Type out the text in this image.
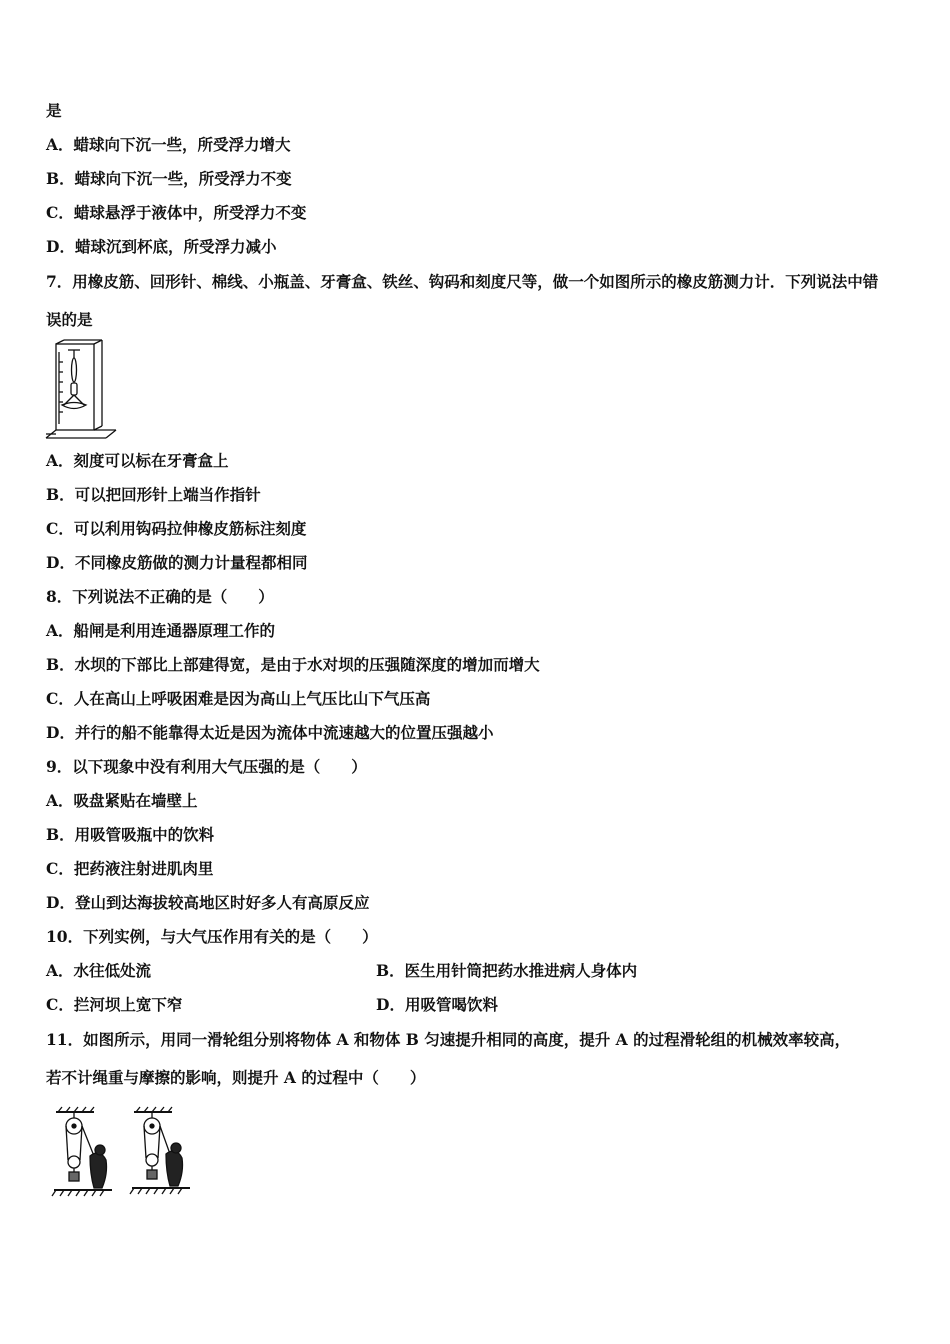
是
A．蜡球向下沉一些，所受浮力增大
B．蜡球向下沉一些，所受浮力不变
C．蜡球悬浮于液体中，所受浮力不变
D．蜡球沉到杯底，所受浮力减小
7．用橡皮筋、回形针、棉线、小瓶盖、牙膏盒、铁丝、钩码和刻度尺等，做一个如图所示的橡皮筋测力计．下列说法中错
误的是
A．刻度可以标在牙膏盒上
B．可以把回形针上端当作指针
C．可以利用钩码拉伸橡皮筋标注刻度
D．不同橡皮筋做的测力计量程都相同
8．下列说法不正确的是（　　）
A．船闸是利用连通器原理工作的
B．水坝的下部比上部建得宽，是由于水对坝的压强随深度的增加而增大
C．人在高山上呼吸困难是因为高山上气压比山下气压高
D．并行的船不能靠得太近是因为流体中流速越大的位置压强越小
9．以下现象中没有利用大气压强的是（　　）
A．吸盘紧贴在墙壁上
B．用吸管吸瓶中的饮料
C．把药液注射进肌肉里
D．登山到达海拔较高地区时好多人有高原反应
10．下列实例，与大气压作用有关的是（　　）
A．水往低处流	B．医生用针筒把药水推进病人身体内
C．拦河坝上宽下窄	D．用吸管喝饮料
11．如图所示，用同一滑轮组分别将物体 A 和物体 B 匀速提升相同的高度，提升 A 的过程滑轮组的机械效率较高，
若不计绳重与摩擦的影响，则提升 A 的过程中（　　）
